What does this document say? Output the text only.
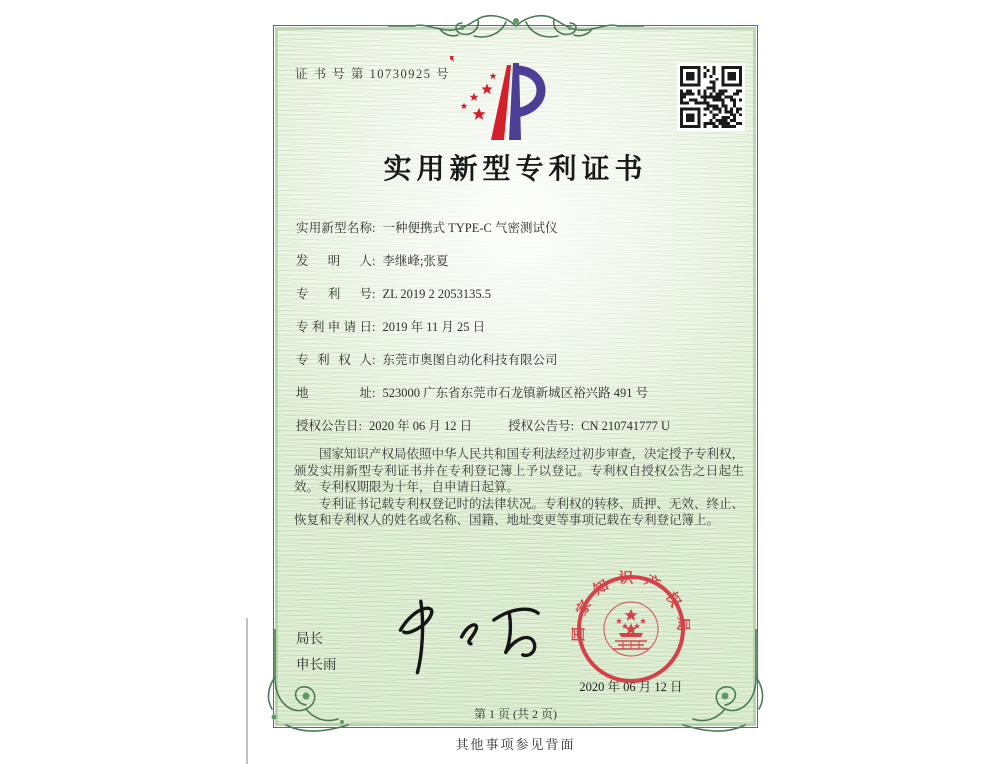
证 书 号 第 10730925 号
实用新型专利证书
实用新型名称: 一种便携式 TYPE-C 气密测试仪
发明人: 李继峰;张夏
专利号: ZL 2019 2 2053135.5
专利申请日: 2019 年 11 月 25 日
专利权人: 东莞市奥图自动化科技有限公司
地址: 523000 广东省东莞市石龙镇新城区裕兴路 491 号
授权公告日: 2020 年 06 月 12 日	授权公告号: CN 210741777 U

国家知识产权局依照中华人民共和国专利法经过初步审查，决定授予专利权，颁发实用新型专利证书并在专利登记簿上予以登记。专利权自授权公告之日起生效。专利权期限为十年，自申请日起算。

专利证书记载专利权登记时的法律状况。专利权的转移、质押、无效、终止、恢复和专利权人的姓名或名称、国籍、地址变更等事项记载在专利登记簿上。

局长
申长雨
国家知识产权局
2020 年 06 月 12 日
第 1 页 (共 2 页)
其他事项参见背面
